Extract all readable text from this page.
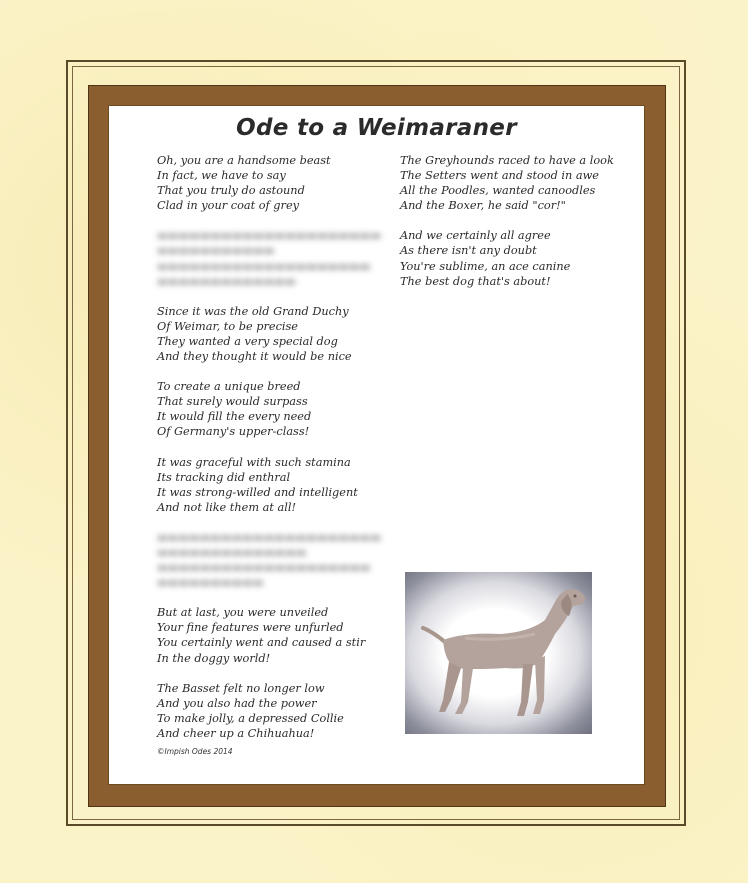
Ode to a Weimaraner
Oh, you are a handsome beast
In fact, we have to say
That you truly do astound
Clad in your coat of grey
▬▬▬▬▬▬▬▬▬▬▬▬▬▬▬▬▬▬▬▬▬
▬▬▬▬▬▬▬▬▬▬▬
▬▬▬▬▬▬▬▬▬▬▬▬▬▬▬▬▬▬▬▬
▬▬▬▬▬▬▬▬▬▬▬▬▬
Since it was the old Grand Duchy
Of Weimar, to be precise
They wanted a very special dog
And they thought it would be nice
To create a unique breed
That surely would surpass
It would fill the every need
Of Germany's upper-class!
It was graceful with such stamina
Its tracking did enthral
It was strong-willed and intelligent
And not like them at all!
▬▬▬▬▬▬▬▬▬▬▬▬▬▬▬▬▬▬▬▬▬
▬▬▬▬▬▬▬▬▬▬▬▬▬▬
▬▬▬▬▬▬▬▬▬▬▬▬▬▬▬▬▬▬▬▬
▬▬▬▬▬▬▬▬▬▬
But at last, you were unveiled
Your fine features were unfurled
You certainly went and caused a stir
In the doggy world!
The Basset felt no longer low
And you also had the power
To make jolly, a depressed Collie
And cheer up a Chihuahua!
The Greyhounds raced to have a look
The Setters went and stood in awe
All the Poodles, wanted canoodles
And the Boxer, he said "cor!"
And we certainly all agree
As there isn't any doubt
You're sublime, an ace canine
The best dog that's about!
©Impish Odes 2014
